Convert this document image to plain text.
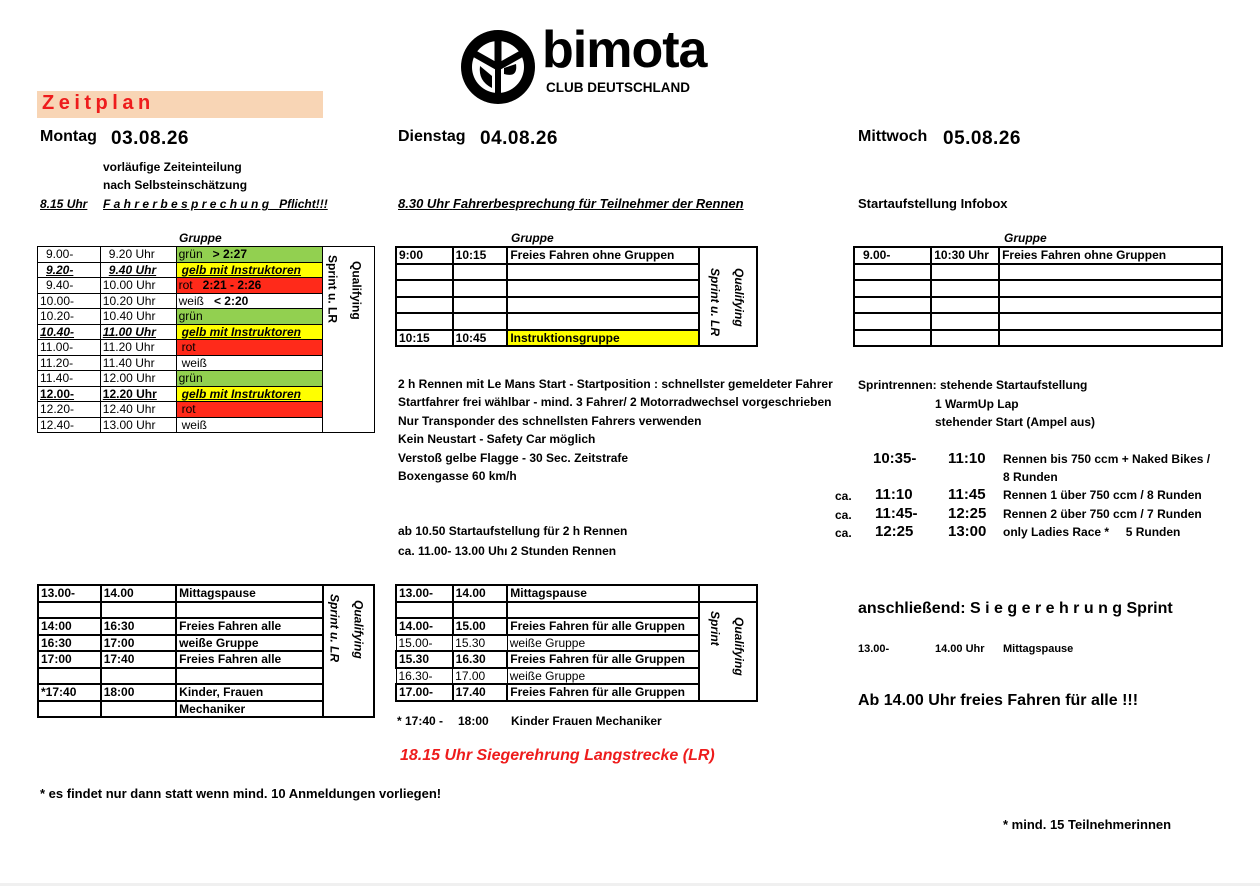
bimota
CLUB DEUTSCHLAND
Zeitplan
Montag 03.08.26
vorläufige Zeiteinteilung
nach Selbsteinschätzung
8.15 Uhr F a h r e r b e s p r e c h u n g Pflicht!!!
Gruppe
9.00-	9.20 Uhr	grün > 2:27	Sprint u. LR Qualifying

9.20-	9.40 Uhr	gelb mit Instruktoren	
9.40-	10.00 Uhr	rot 2:21 - 2:26	
10.00-	10.20 Uhr	weiß < 2:20	
10.20-	10.40 Uhr	grün	
10.40-	11.00 Uhr	gelb mit Instruktoren	
11.00-	11.20 Uhr	rot	
11.20-	11.40 Uhr	weiß	
11.40-	12.00 Uhr	grün	
12.00-	12.20 Uhr	gelb mit Instruktoren	
12.20-	12.40 Uhr	rot	
12.40-	13.00 Uhr	weiß	
13.00-	14.00	Mittagspause	Sprint u. LR Qualifying

14:00	16:30	Freies Fahren alle	
16:30	17:00	weiße Gruppe	
17:00	17:40	Freies Fahren alle	

*17:40	18:00	Kinder, Frauen	
		Mechaniker	
* es findet nur dann statt wenn mind. 10 Anmeldungen vorliegen!
Dienstag 04.08.26
8.30 Uhr Fahrerbesprechung für Teilnehmer der Rennen
Gruppe
9:00	10:15	Freies Fahren ohne Gruppen	Sprint u. LR Qualifying

10:15	10:45	Instruktionsgruppe	
2 h Rennen mit Le Mans Start - Startposition : schnellster gemeldeter Fahrer
Startfahrer frei wählbar - mind. 3 Fahrer/ 2 Motorradwechsel vorgeschrieben
Nur Transponder des schnellsten Fahrers verwenden
Kein Neustart - Safety Car möglich
Verstoß gelbe Flagge - 30 Sec. Zeitstrafe
Boxengasse 60 km/h
ab 10.50 Startaufstellung für 2 h Rennen
ca. 11.00- 13.00 Uhı 2 Stunden Rennen
13.00-	14.00	Mittagspause	

			Sprint Qualifying

14.00-	15.00	Freies Fahren für alle Gruppen	
15.00-	15.30	weiße Gruppe	
15.30	16.30	Freies Fahren für alle Gruppen	
16.30-	17.00	weiße Gruppe	
17.00-	17.40	Freies Fahren für alle Gruppen	
* 17:40 - 18:00 Kinder Frauen Mechaniker
18.15 Uhr Siegerehrung Langstrecke (LR)
Mittwoch 05.08.26
Startaufstellung Infobox
Gruppe
9.00-	10:30 Uhr	Freies Fahren ohne Gruppen

Sprintrennen: stehende Startaufstellung
1 WarmUp Lap
stehender Start (Ampel aus)
10:35- 11:10 Rennen bis 750 ccm + Naked Bikes /
8 Runden
ca. 11:10 11:45 Rennen 1 über 750 ccm / 8 Runden
ca. 11:45- 12:25 Rennen 2 über 750 ccm / 7 Runden
ca. 12:25 13:00 only Ladies Race *     5 Runden
anschließend: S i e g e r e h r u n g Sprint
13.00-	14.00 Uhr Mittagspause
Ab 14.00 Uhr freies Fahren für alle !!!
* mind. 15 Teilnehmerinnen
